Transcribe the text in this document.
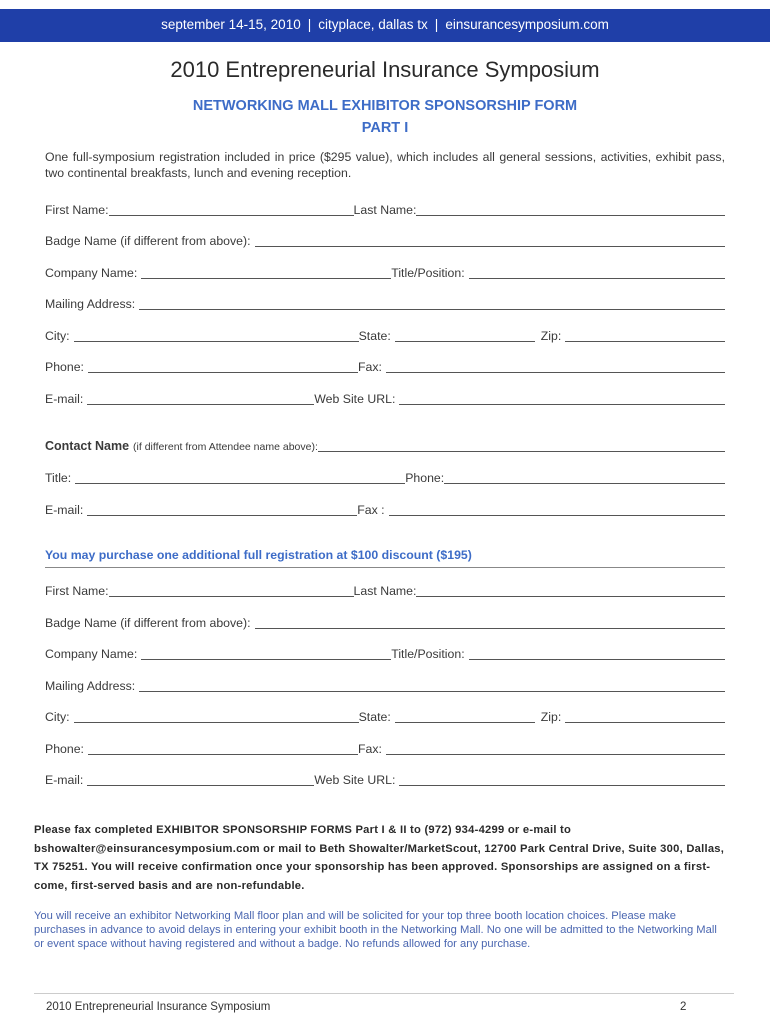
september 14-15, 2010 | cityplace, dallas tx | einsurancesymposium.com
2010 Entrepreneurial Insurance Symposium
NETWORKING MALL EXHIBITOR SPONSORSHIP FORM
PART I
One full-symposium registration included in price ($295 value), which includes all general sessions, activities, exhibit pass, two continental breakfasts, lunch and evening reception.
First Name:	Last Name:
Badge Name (if different from above):
Company Name:	Title/Position:
Mailing Address:
City:	State:	Zip:
Phone:	Fax:
E-mail:	Web Site URL:
Contact Name (if different from Attendee name above):
Title:	Phone:
E-mail:	Fax :
You may purchase one additional full registration at $100 discount ($195)
First Name:	Last Name:
Badge Name (if different from above):
Company Name:	Title/Position:
Mailing Address:
City:	State:	Zip:
Phone:	Fax:
E-mail:	Web Site URL:
Please fax completed EXHIBITOR SPONSORSHIP FORMS Part I & II to (972) 934-4299 or e-mail to bshowalter@einsurancesymposium.com or mail to Beth Showalter/MarketScout, 12700 Park Central Drive, Suite 300, Dallas, TX 75251. You will receive confirmation once your sponsorship has been approved. Sponsorships are assigned on a first-come, first-served basis and are non-refundable.
You will receive an exhibitor Networking Mall floor plan and will be solicited for your top three booth location choices. Please make purchases in advance to avoid delays in entering your exhibit booth in the Networking Mall. No one will be admitted to the Networking Mall or event space without having registered and without a badge. No refunds allowed for any purchase.
2010 Entrepreneurial Insurance Symposium	2
